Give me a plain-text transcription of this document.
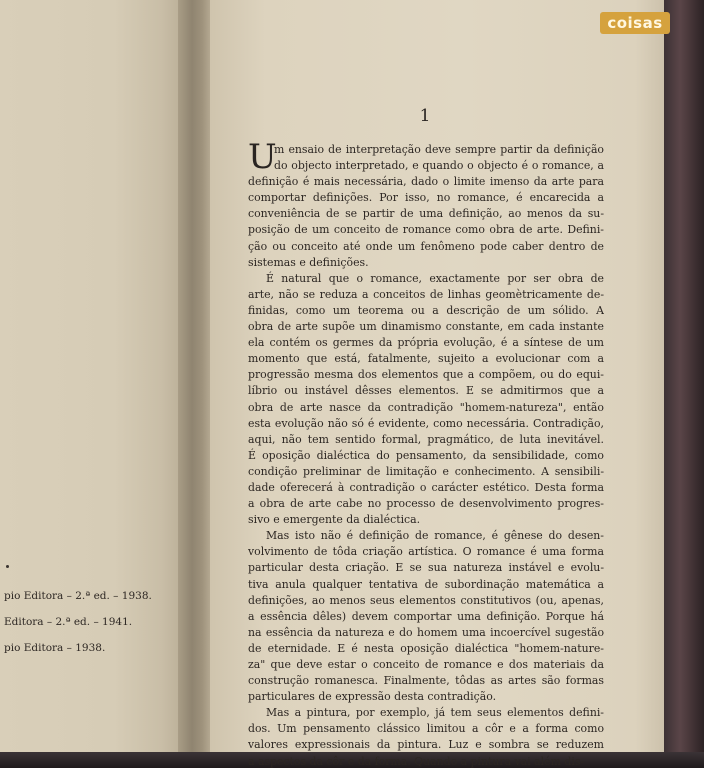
pio Editora – 2.ª ed. – 1938.
Editora – 2.ª ed. – 1941.
pio Editora – 1938.
coisas
1
U
m ensaio de interpretação deve sempre partir da definição
do objecto interpretado, e quando o objecto é o romance, a
definição é mais necessária, dado o limite imenso da arte para
comportar definições. Por isso, no romance, é encarecida a
conveniência de se partir de uma definição, ao menos da su-
posição de um conceito de romance como obra de arte. Defini-
ção ou conceito até onde um fenômeno pode caber dentro de
sistemas e definições.
É natural que o romance, exactamente por ser obra de
arte, não se reduza a conceitos de linhas geomètricamente de-
finidas, como um teorema ou a descrição de um sólido. A
obra de arte supõe um dinamismo constante, em cada instante
ela contém os germes da própria evolução, é a síntese de um
momento que está, fatalmente, sujeito a evolucionar com a
progressão mesma dos elementos que a compõem, ou do equi-
líbrio ou instável dêsses elementos. E se admitirmos que a
obra de arte nasce da contradição "homem-natureza", então
esta evolução não só é evidente, como necessária. Contradição,
aqui, não tem sentido formal, pragmático, de luta inevitável.
É oposição dialéctica do pensamento, da sensibilidade, como
condição preliminar de limitação e conhecimento. A sensibili-
dade oferecerá à contradição o carácter estético. Desta forma
a obra de arte cabe no processo de desenvolvimento progres-
sivo e emergente da dialéctica.
Mas isto não é definição de romance, é gênese do desen-
volvimento de tôda criação artística. O romance é uma forma
particular desta criação. E se sua natureza instável e evolu-
tiva anula qualquer tentativa de subordinação matemática a
definições, ao menos seus elementos constitutivos (ou, apenas,
a essência dêles) devem comportar uma definição. Porque há
na essência da natureza e do homem uma incoercível sugestão
de eternidade. E é nesta oposição dialéctica "homem-nature-
za" que deve estar o conceito de romance e dos materiais da
construção romanesca. Finalmente, tôdas as artes são formas
particulares de expressão desta contradição.
Mas a pintura, por exemplo, já tem seus elementos defini-
dos. Um pensamento clássico limitou a côr e a forma como
valores expressionais da pintura. Luz e sombra se reduzem
a aspectos da côr e da forma. Quando a pintura vai além dis-
